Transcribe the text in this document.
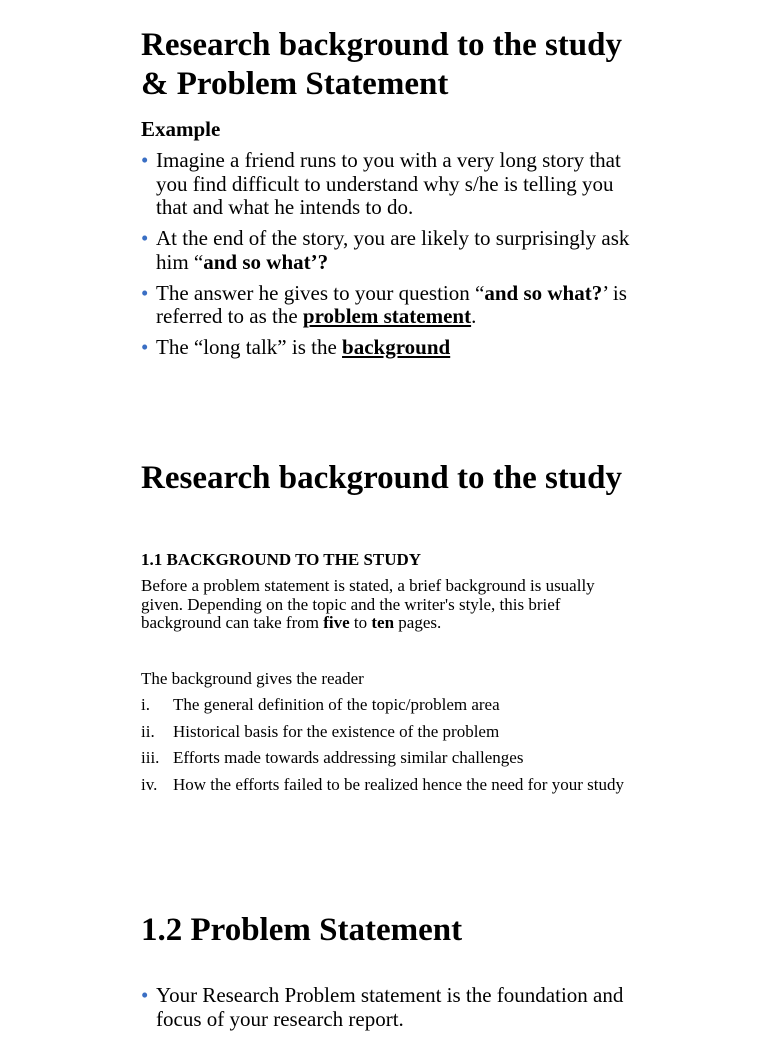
Research background to the study & Problem Statement
Example
• Imagine a friend runs to you with a very long story that you find difficult to understand why s/he is telling you that and what he intends to do.
• At the end of the story, you are likely to surprisingly ask him “and so what’?
• The answer he gives to your question “and so what?’ is referred to as the problem statement.
• The “long talk” is the background
Research background to the study
1.1 BACKGROUND TO THE STUDY

Before a problem statement is stated, a brief background is usually given. Depending on the topic and the writer's style, this brief background can take from five to ten pages.

The background gives the reader

i. The general definition of the topic/problem area
ii. Historical basis for the existence of the problem
iii. Efforts made towards addressing similar challenges
iv. How the efforts failed to be realized hence the need for your study
1.2 Problem Statement
• Your Research Problem statement is the foundation and focus of your research report.
